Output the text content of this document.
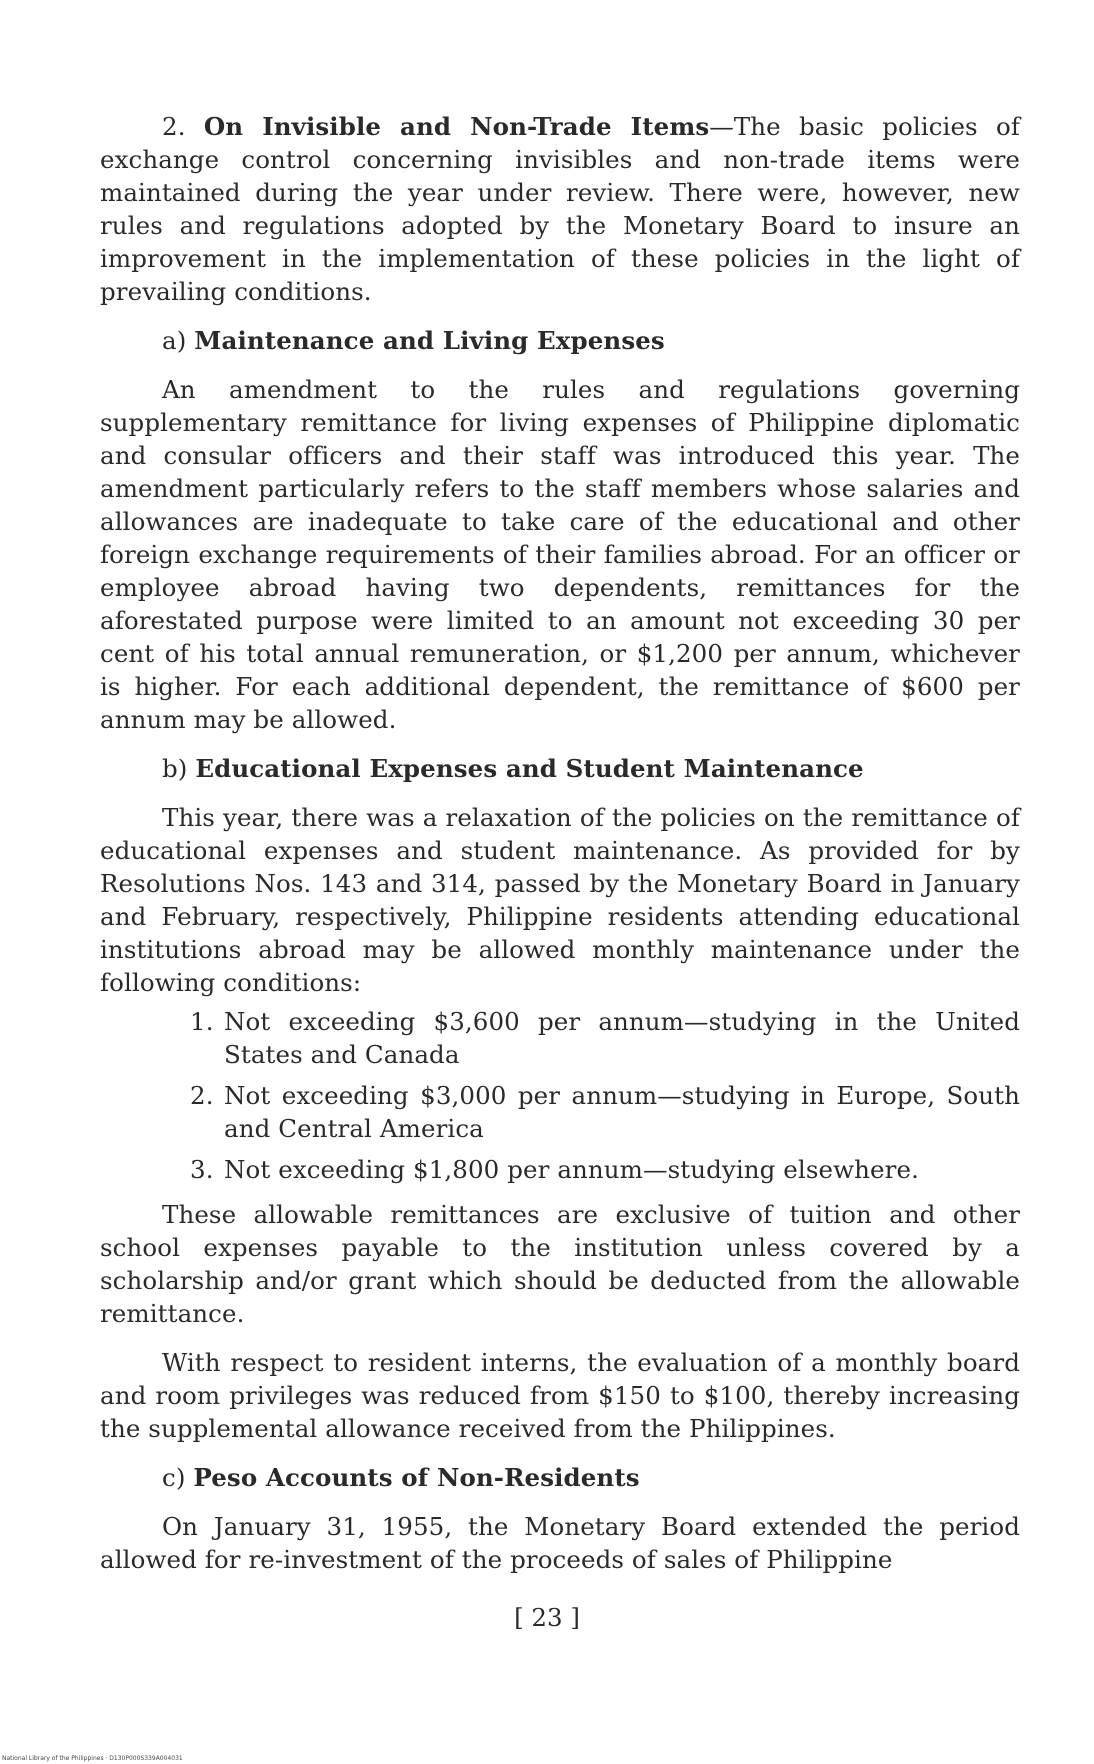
2. On Invisible and Non-Trade Items—The basic policies of exchange control concerning invisibles and non-trade items were maintained during the year under review. There were, however, new rules and regulations adopted by the Monetary Board to insure an improvement in the implementation of these policies in the light of prevailing conditions.

a) Maintenance and Living Expenses

An amendment to the rules and regulations governing supplementary remittance for living expenses of Philippine diplomatic and consular officers and their staff was introduced this year. The amendment particularly refers to the staff members whose salaries and allowances are inadequate to take care of the educational and other foreign exchange requirements of their families abroad. For an officer or employee abroad having two dependents, remittances for the aforestated purpose were limited to an amount not exceeding 30 per cent of his total annual remuneration, or $1,200 per annum, whichever is higher. For each additional dependent, the remittance of $600 per annum may be allowed.

b) Educational Expenses and Student Maintenance

This year, there was a relaxation of the policies on the remittance of educational expenses and student maintenance. As provided for by Resolutions Nos. 143 and 314, passed by the Monetary Board in January and February, respectively, Philippine residents attending educational institutions abroad may be allowed monthly maintenance under the following conditions:

1. Not exceeding $3,600 per annum—studying in the United States and Canada
2. Not exceeding $3,000 per annum—studying in Europe, South and Central America
3. Not exceeding $1,800 per annum—studying elsewhere.

These allowable remittances are exclusive of tuition and other school expenses payable to the institution unless covered by a scholarship and/or grant which should be deducted from the allowable remittance.

With respect to resident interns, the evaluation of a monthly board and room privileges was reduced from $150 to $100, thereby increasing the supplemental allowance received from the Philippines.

c) Peso Accounts of Non-Residents

On January 31, 1955, the Monetary Board extended the period allowed for re-investment of the proceeds of sales of Philippine

[ 23 ]
National Library of the Philippines · D130P000S339A004031
